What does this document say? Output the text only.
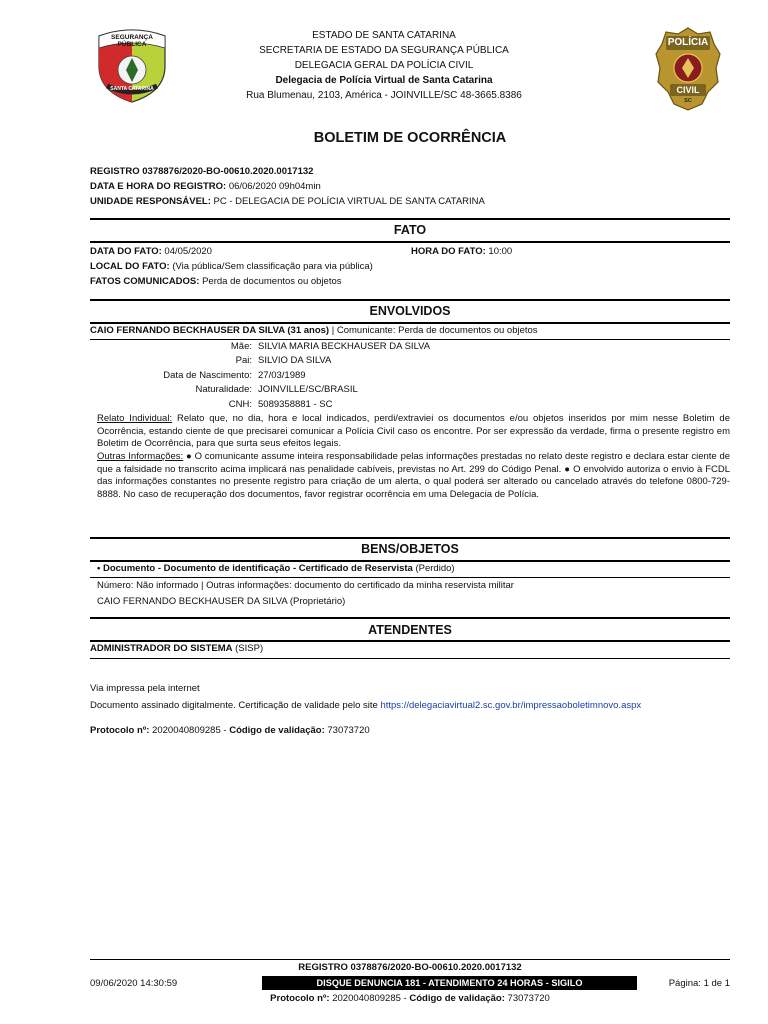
SEGURANÇA PÚBLICA
SANTA CATARINA
POLÍCIA
CIVIL
SC
ESTADO DE SANTA CATARINA
SECRETARIA DE ESTADO DA SEGURANÇA PÚBLICA
DELEGACIA GERAL DA POLÍCIA CIVIL
Delegacia de Polícia Virtual de Santa Catarina
Rua Blumenau, 2103, América - JOINVILLE/SC 48-3665.8386
BOLETIM DE OCORRÊNCIA
REGISTRO 0378876/2020-BO-00610.2020.0017132
DATA E HORA DO REGISTRO: 06/06/2020 09h04min
UNIDADE RESPONSÁVEL: PC - DELEGACIA DE POLÍCIA VIRTUAL DE SANTA CATARINA
FATO
DATA DO FATO: 04/05/2020	HORA DO FATO: 10:00
LOCAL DO FATO: (Via pública/Sem classificação para via pública)
FATOS COMUNICADOS: Perda de documentos ou objetos
ENVOLVIDOS
CAIO FERNANDO BECKHAUSER DA SILVA (31 anos) | Comunicante: Perda de documentos ou objetos
Mãe: SILVIA MARIA BECKHAUSER DA SILVA
Pai: SILVIO DA SILVA
Data de Nascimento: 27/03/1989
Naturalidade: JOINVILLE/SC/BRASIL
CNH: 5089358881 - SC
Relato Individual: Relato que, no dia, hora e local indicados, perdi/extraviei os documentos e/ou objetos inseridos por mim nesse Boletim de Ocorrência, estando ciente de que precisarei comunicar a Polícia Civil caso os encontre. Por ser expressão da verdade, firma o presente registro em Boletim de Ocorrência, para que surta seus efeitos legais.
Outras Informações: ● O comunicante assume inteira responsabilidade pelas informações prestadas no relato deste registro e declara estar ciente de que a falsidade no transcrito acima implicará nas penalidade cabíveis, previstas no Art. 299 do Código Penal. ● O envolvido autoriza o envio à FCDL das informações constantes no presente registro para criação de um alerta, o qual poderá ser alterado ou cancelado através do telefone 0800-729-8888. No caso de recuperação dos documentos, favor registrar ocorrência em uma Delegacia de Polícia.
BENS/OBJETOS
• Documento - Documento de identificação - Certificado de Reservista (Perdido)
Número: Não informado | Outras informações: documento do certificado da minha reservista militar
CAIO FERNANDO BECKHAUSER DA SILVA (Proprietário)
ATENDENTES
ADMINISTRADOR DO SISTEMA (SISP)
Via impressa pela internet
Documento assinado digitalmente. Certificação de validade pelo site https://delegaciavirtual2.sc.gov.br/impressaoboletimnovo.aspx
Protocolo nº: 2020040809285 - Código de validação: 73073720
REGISTRO 0378876/2020-BO-00610.2020.0017132
09/06/2020 14:30:59	DISQUE DENUNCIA 181 - ATENDIMENTO 24 HORAS - SIGILO	Página: 1 de 1
Protocolo nº: 2020040809285 - Código de validação: 73073720
